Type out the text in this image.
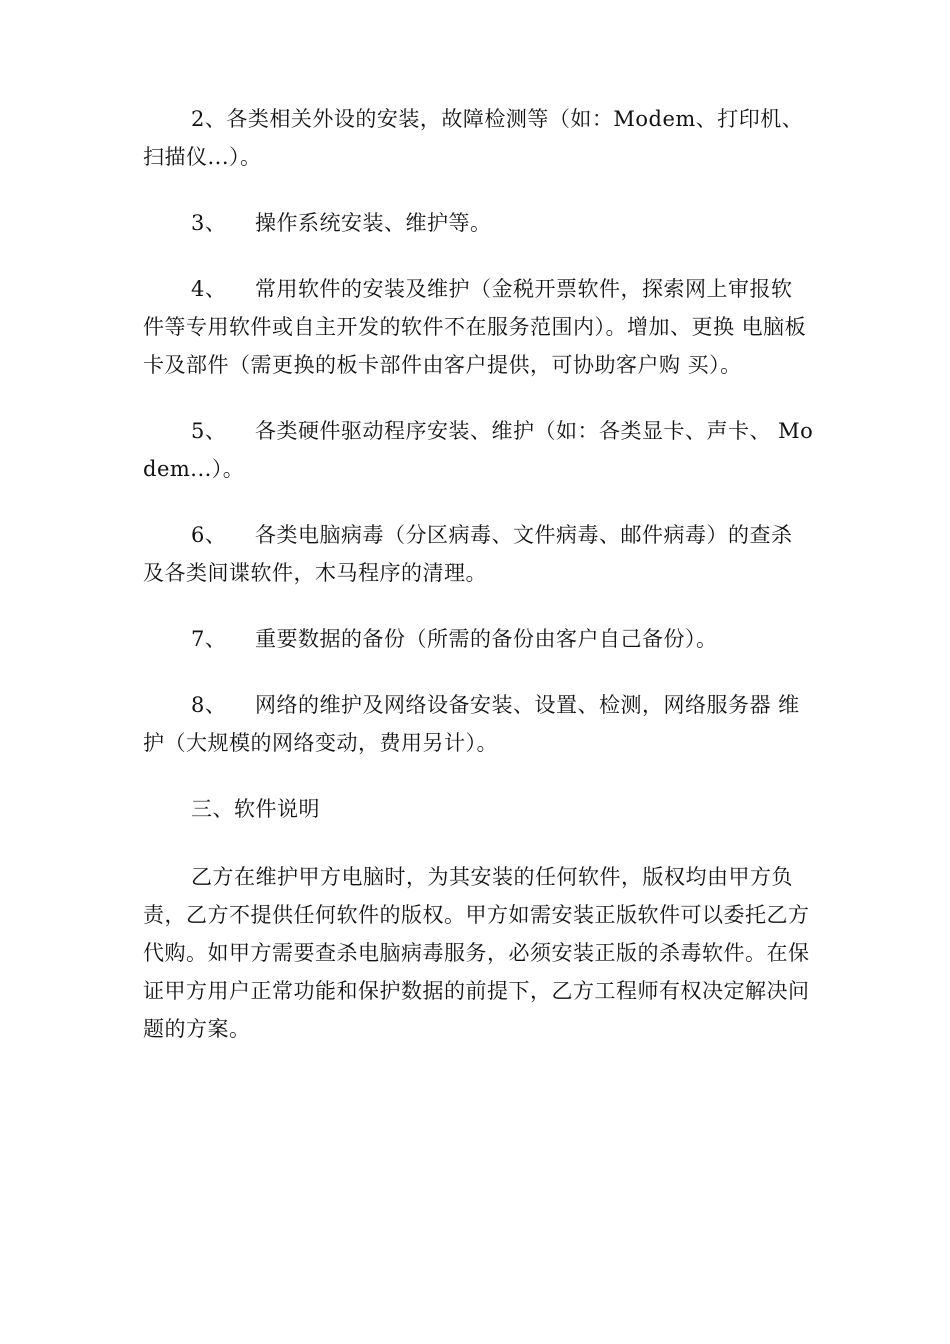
2、各类相关外设的安装，故障检测等（如：Modem、打印机、 扫描仪...）。

3、 操作系统安装、维护等。

4、 常用软件的安装及维护（金税开票软件，探索网上审报软 件等专用软件或自主开发的软件不在服务范围内）。增加、更换 电脑板卡及部件（需更换的板卡部件由客户提供，可协助客户购 买）。

5、 各类硬件驱动程序安装、维护（如：各类显卡、声卡、 Modem...）。

6、 各类电脑病毒（分区病毒、文件病毒、邮件病毒）的查杀 及各类间谍软件，木马程序的清理。

7、 重要数据的备份（所需的备份由客户自己备份）。

8、 网络的维护及网络设备安装、设置、检测，网络服务器 维护（大规模的网络变动，费用另计）。

三、软件说明

乙方在维护甲方电脑时，为其安装的任何软件，版权均由甲方负责，乙方不提供任何软件的版权。甲方如需安装正版软件可以委托乙方代购。如甲方需要查杀电脑病毒服务，必须安装正版的杀毒软件。在保证甲方用户正常功能和保护数据的前提下，乙方工程师有权决定解决问题的方案。
